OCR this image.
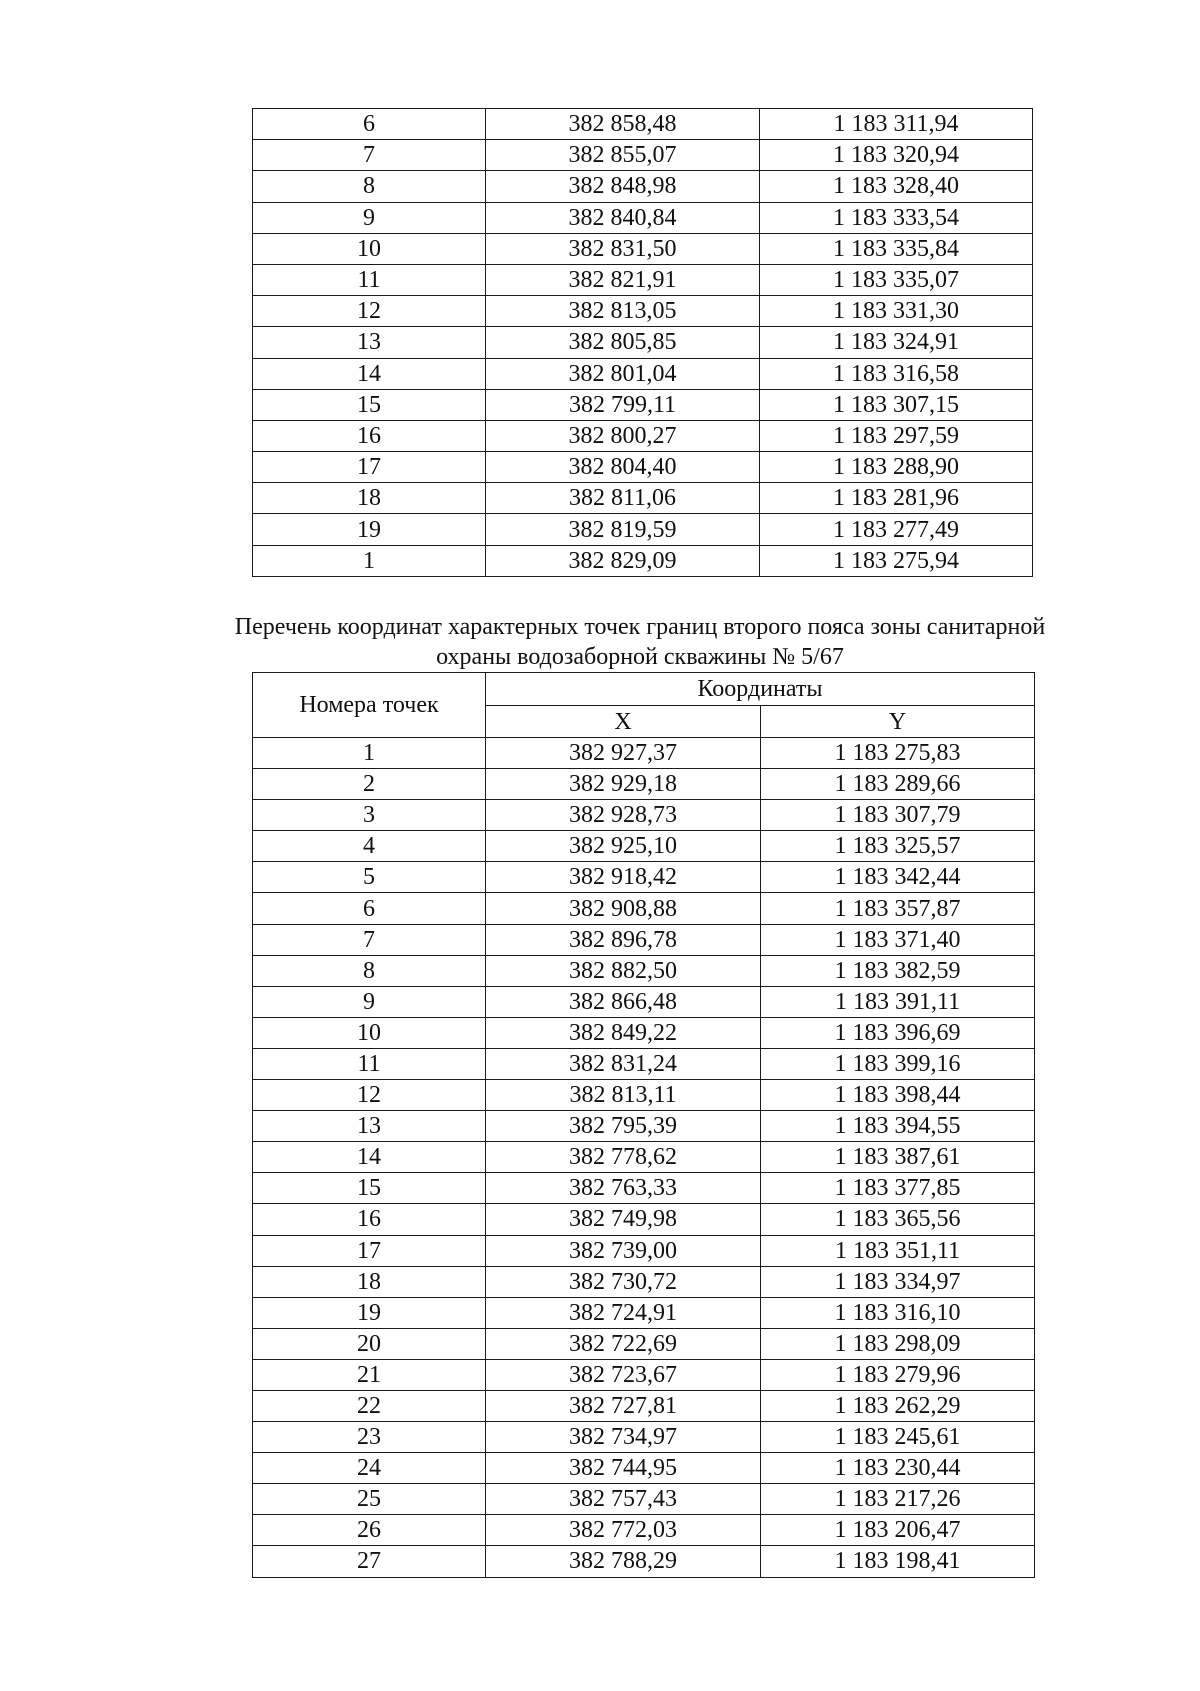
6	382 858,48	1 183 311,94
7	382 855,07	1 183 320,94
8	382 848,98	1 183 328,40
9	382 840,84	1 183 333,54
10	382 831,50	1 183 335,84
11	382 821,91	1 183 335,07
12	382 813,05	1 183 331,30
13	382 805,85	1 183 324,91
14	382 801,04	1 183 316,58
15	382 799,11	1 183 307,15
16	382 800,27	1 183 297,59
17	382 804,40	1 183 288,90
18	382 811,06	1 183 281,96
19	382 819,59	1 183 277,49
1	382 829,09	1 183 275,94
Перечень координат характерных точек границ второго пояса зоны санитарной
охраны водозаборной скважины № 5/67
Номера точек	Координаты	
	X	Y
1	382 927,37	1 183 275,83
2	382 929,18	1 183 289,66
3	382 928,73	1 183 307,79
4	382 925,10	1 183 325,57
5	382 918,42	1 183 342,44
6	382 908,88	1 183 357,87
7	382 896,78	1 183 371,40
8	382 882,50	1 183 382,59
9	382 866,48	1 183 391,11
10	382 849,22	1 183 396,69
11	382 831,24	1 183 399,16
12	382 813,11	1 183 398,44
13	382 795,39	1 183 394,55
14	382 778,62	1 183 387,61
15	382 763,33	1 183 377,85
16	382 749,98	1 183 365,56
17	382 739,00	1 183 351,11
18	382 730,72	1 183 334,97
19	382 724,91	1 183 316,10
20	382 722,69	1 183 298,09
21	382 723,67	1 183 279,96
22	382 727,81	1 183 262,29
23	382 734,97	1 183 245,61
24	382 744,95	1 183 230,44
25	382 757,43	1 183 217,26
26	382 772,03	1 183 206,47
27	382 788,29	1 183 198,41
